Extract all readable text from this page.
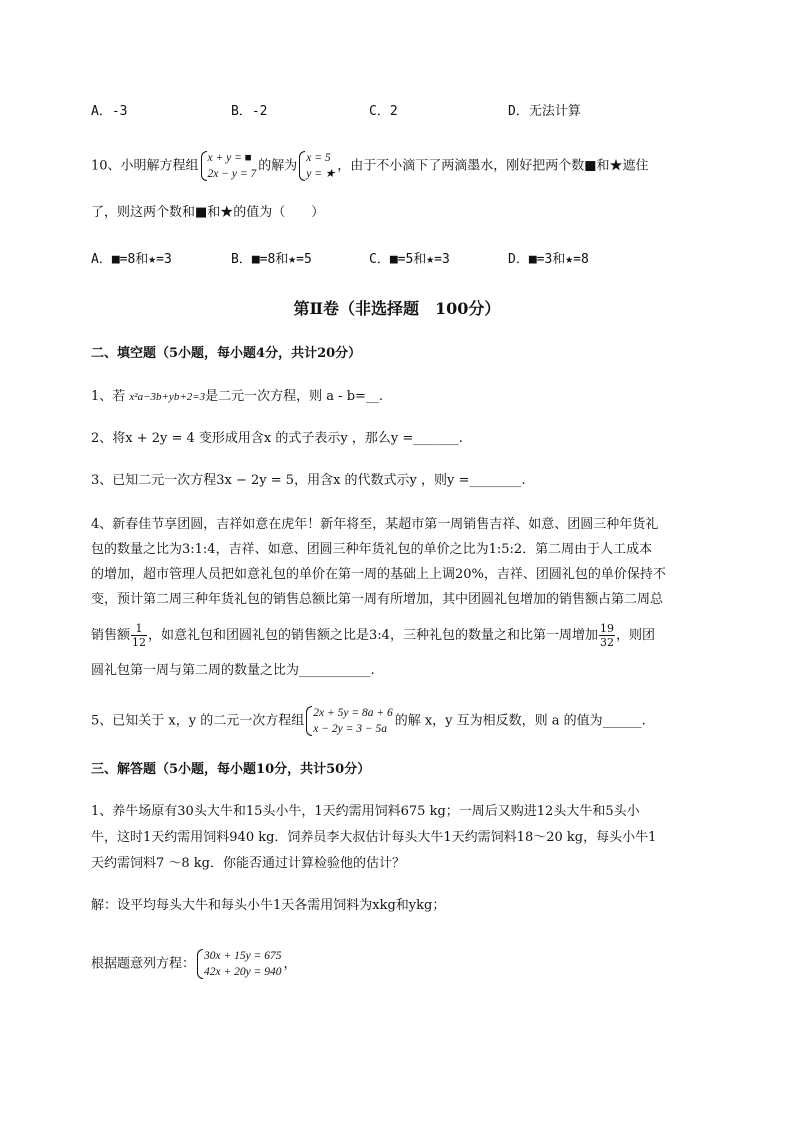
A．-3	B．-2	C．2	D．无法计算
10、小明解方程组
x + y = ■
2x − y = 7
的解为
x = 5
y = ★
，由于不小滴下了两滴墨水，刚好把两个数■和★遮住
了，则这两个数和■和★的值为（　　）
A．■=8和★=3	B．■=8和★=5	C．■=5和★=3	D．■=3和★=8
第Ⅱ卷（非选择题　100分）
二、填空题（5小题，每小题4分，共计20分）
1、若 x²a−3b+yb+2=3是二元一次方程，则 a - b=__.
2、将x + 2y = 4 变形成用含x 的式子表示y ，那么y =_______.
3、已知二元一次方程3x − 2y = 5，用含x 的代数式示y ，则y =________.
4、新春佳节享团圆，吉祥如意在虎年！新年将至，某超市第一周销售吉祥、如意、团圆三种年货礼
包的数量之比为3:1:4，吉祥、如意、团圆三种年货礼包的单价之比为1:5:2．第二周由于人工成本
的增加，超市管理人员把如意礼包的单价在第一周的基础上上调20%，吉祥、团圆礼包的单价保持不
变，预计第二周三种年货礼包的销售总额比第一周有所增加，其中团圆礼包增加的销售额占第二周总
销售额 $\frac{1}{12}$ ，如意礼包和团圆礼包的销售额之比是3:4，三种礼包的数量之和比第一周增加 $\frac{19}{32}$ ，则团
圆礼包第一周与第二周的数量之比为___________.
5、已知关于 x，y 的二元一次方程组
2x + 5y = 8a + 6
x − 2y = 3 − 5a
的解 x，y 互为相反数，则 a 的值为______.
三、解答题（5小题，每小题10分，共计50分）
1、养牛场原有30头大牛和15头小牛，1天约需用饲料675 kg；一周后又购进12头大牛和5头小
牛，这时1天约需用饲料940 kg．饲养员李大叔估计每头大牛1天约需饲料18～20 kg，每头小牛1
天约需饲料7 ～8 kg．你能否通过计算检验他的估计？
解：设平均每头大牛和每头小牛1天各需用饲料为xkg和ykg；
根据题意列方程：
30x + 15y = 675
42x + 20y = 940
，
